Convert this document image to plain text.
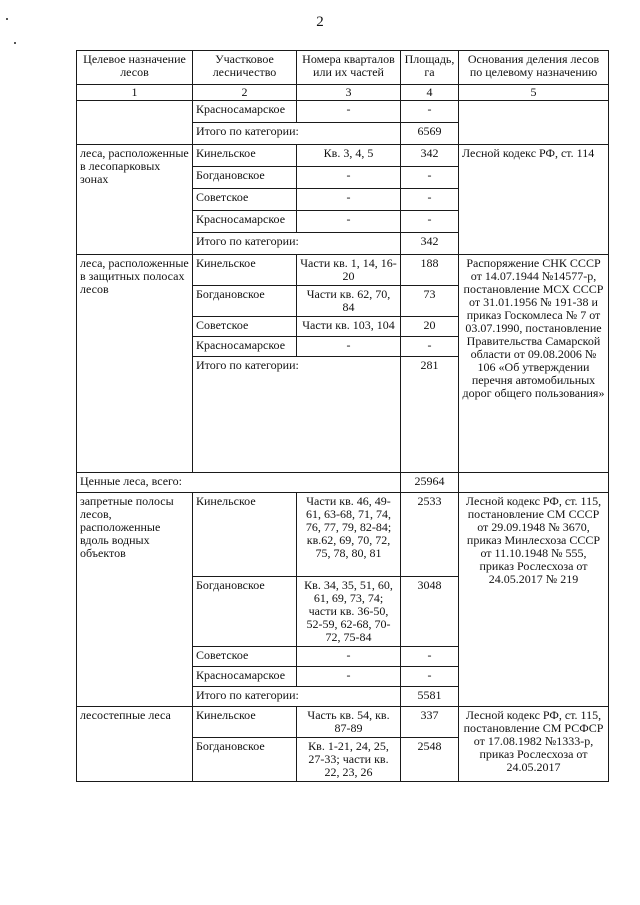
2
Целевое назначение лесов	Участковое лесничество	Номера кварталов или их частей	Площадь, га	Основания деления лесов по целевому назначению
1	2	3	4	5
	Красносамарское	-	-	
	Итого по категории:		6569	
леса, расположенные в лесопарковых зонах	Кинельское	Кв. 3, 4, 5	342	Лесной кодекс РФ, ст. 114
	Богдановское	-	-	
	Советское	-	-	
	Красносамарское	-	-	
	Итого по категории:		342	
леса, расположенные в защитных полосах лесов	Кинельское	Части кв. 1, 14, 16-20	188	Распоряжение СНК СССР от 14.07.1944 №14577-р, постановление МСХ СССР от 31.01.1956 № 191-38 и приказ Госкомлеса № 7 от 03.07.1990, постановление Правительства Самарской области от 09.08.2006 № 106 «Об утверждении перечня автомобильных дорог общего пользования»
	Богдановское	Части кв. 62, 70, 84	73	
	Советское	Части кв. 103, 104	20	
	Красносамарское	-	-	
	Итого по категории:		281	
Ценные леса, всего:			25964	
запретные полосы лесов, расположенные вдоль водных объектов	Кинельское	Части кв. 46, 49-61, 63-68, 71, 74, 76, 77, 79, 82-84; кв.62, 69, 70, 72, 75, 78, 80, 81	2533	Лесной кодекс РФ, ст. 115, постановление СМ СССР от 29.09.1948 № 3670, приказ Минлесхоза СССР от 11.10.1948 № 555, приказ Рослесхоза от 24.05.2017 № 219
	Богдановское	Кв. 34, 35, 51, 60, 61, 69, 73, 74; части кв. 36-50, 52-59, 62-68, 70-72, 75-84	3048	
	Советское	-	-	
	Красносамарское	-	-	
	Итого по категории:		5581	
лесостепные леса	Кинельское	Часть кв. 54, кв. 87-89	337	Лесной кодекс РФ, ст. 115, постановление СМ РСФСР от 17.08.1982 №1333-р, приказ Рослесхоза от 24.05.2017
	Богдановское	Кв. 1-21, 24, 25, 27-33; части кв. 22, 23, 26	2548	
